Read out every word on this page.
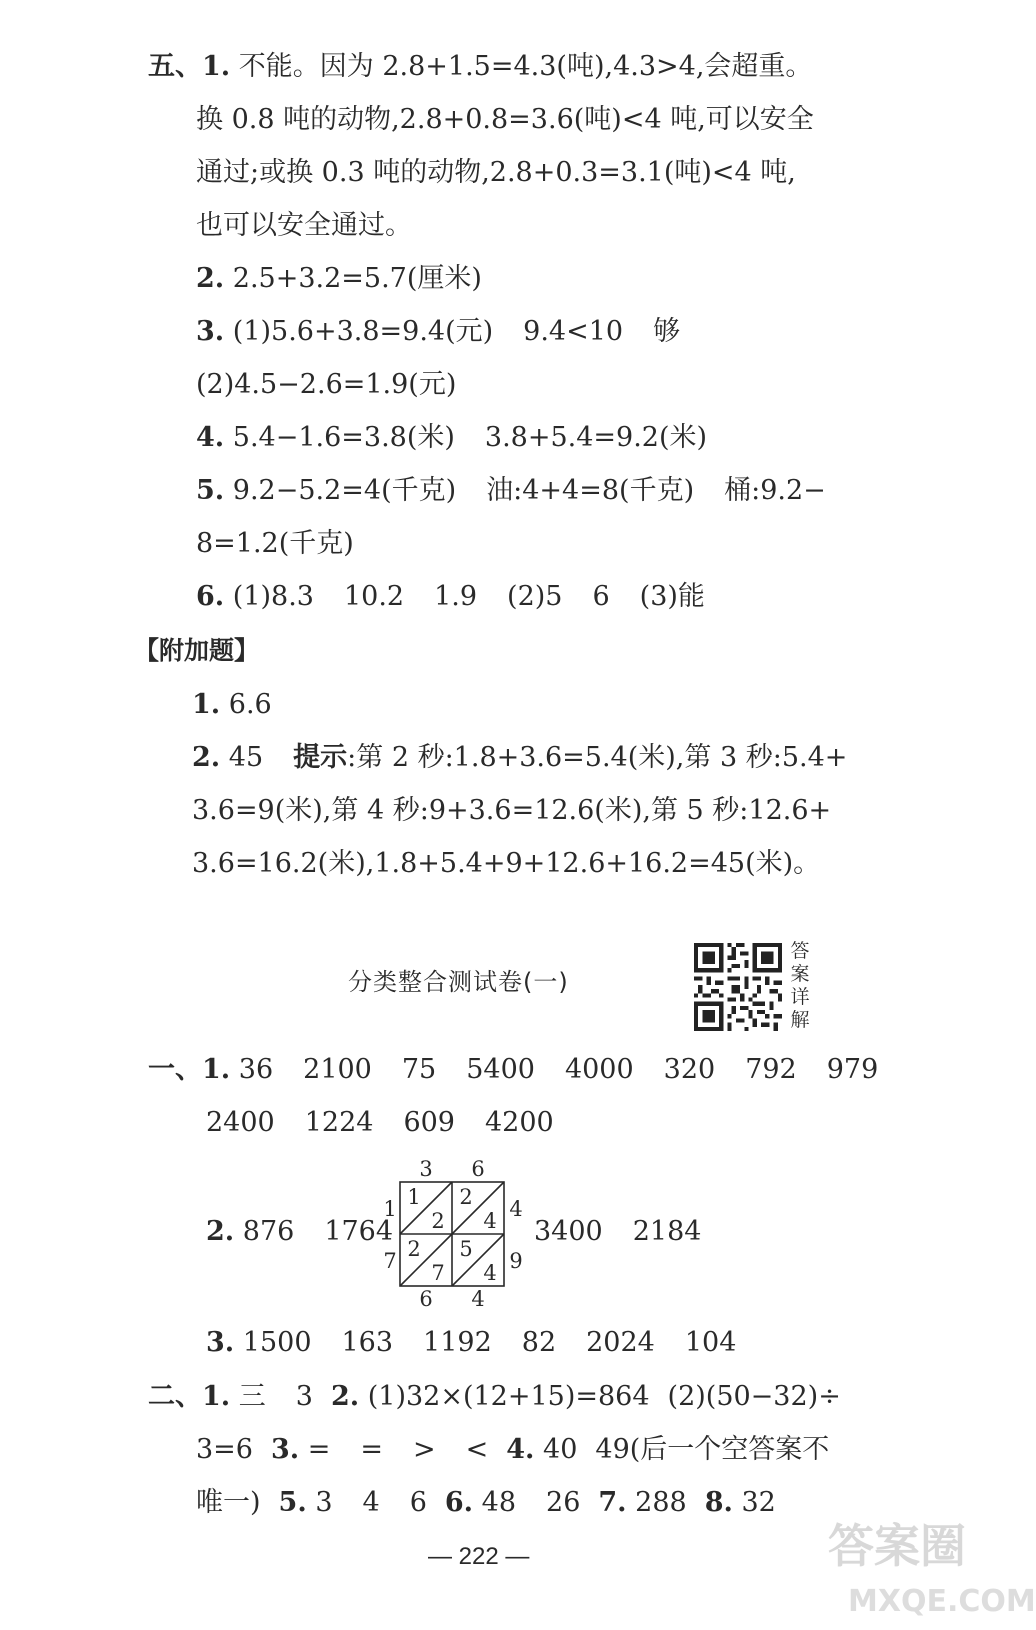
五、1. 不能。因为 2.8+1.5=4.3(吨),4.3>4,会超重。
换 0.8 吨的动物,2.8+0.8=3.6(吨)<4 吨,可以安全
通过;或换 0.3 吨的动物,2.8+0.3=3.1(吨)<4 吨,
也可以安全通过。
2. 2.5+3.2=5.7(厘米)
3. (1)5.6+3.8=9.4(元) 9.4<10 够
(2)4.5−2.6=1.9(元)
4. 5.4−1.6=3.8(米) 3.8+5.4=9.2(米)
5. 9.2−5.2=4(千克) 油:4+4=8(千克) 桶:9.2−
8=1.2(千克)
6. (1)8.3 10.2 1.9 (2)5 6 (3)能
【附加题】
1. 6.6
2. 45 提示:第 2 秒:1.8+3.6=5.4(米),第 3 秒:5.4+
3.6=9(米),第 4 秒:9+3.6=12.6(米),第 5 秒:12.6+
3.6=16.2(米),1.8+5.4+9+12.6+16.2=45(米)。
分类整合测试卷(一)
答
案
详
解
一、1. 36 2100 75 5400 4000 320 792 979
2400 1224 609 4200
2. 876 1764
3 6
1
7
4
9
6 4
1
2
2
4
2
7
5
4
3400 2184
3. 1500 163 1192 82 2024 104
二、1. 三 3 2. (1)32×(12+15)=864 (2)(50−32)÷
3=6 3. = = > < 4. 40 49(后一个空答案不
唯一) 5. 3 4 6 6. 48 26 7. 288 8. 32
— 222 —	答案圈
MXQE.COM
